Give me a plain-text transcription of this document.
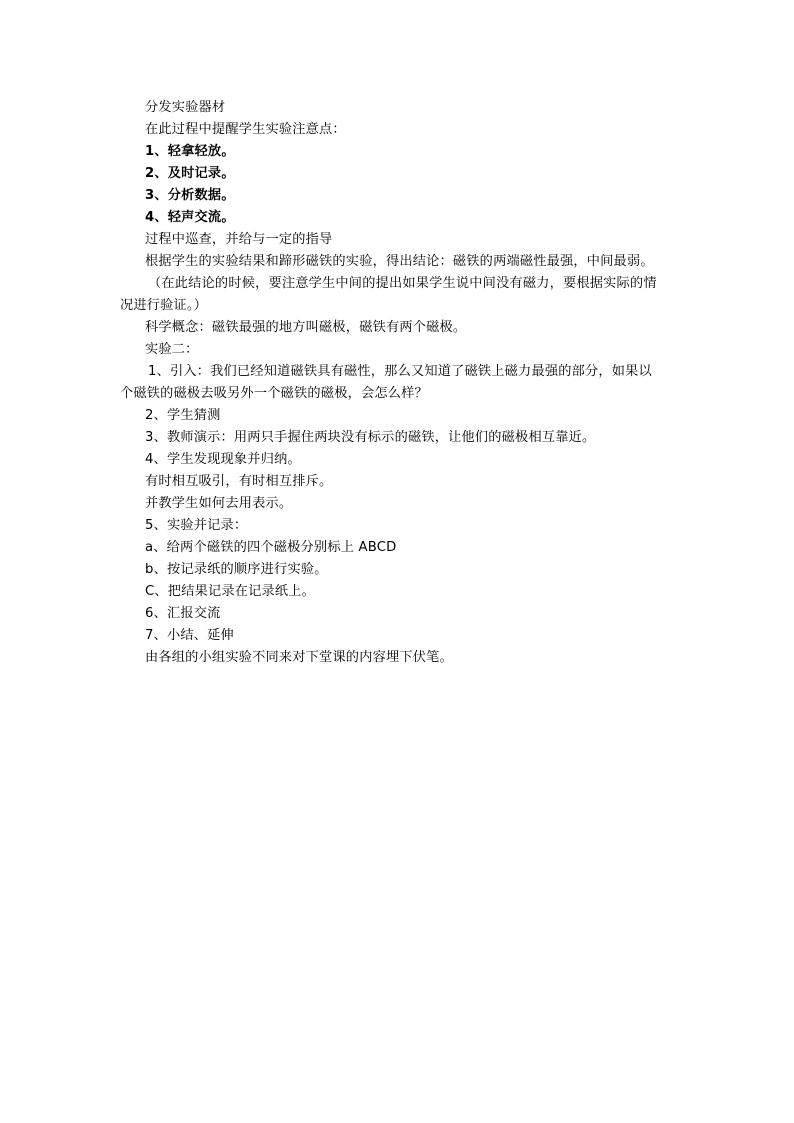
分发实验器材
在此过程中提醒学生实验注意点：
1、轻拿轻放。
2、及时记录。
3、分析数据。
4、轻声交流。
过程中巡查，并给与一定的指导
根据学生的实验结果和蹄形磁铁的实验，得出结论：磁铁的两端磁性最强，中间最弱。
（在此结论的时候，要注意学生中间的提出如果学生说中间没有磁力，要根据实际的情
况进行验证。）
科学概念：磁铁最强的地方叫磁极，磁铁有两个磁极。
实验二：
1、引入：我们已经知道磁铁具有磁性，那么又知道了磁铁上磁力最强的部分，如果以
个磁铁的磁极去吸另外一个磁铁的磁极，会怎么样？
2、学生猜测
3、教师演示：用两只手握住两块没有标示的磁铁，让他们的磁极相互靠近。
4、学生发现现象并归纳。
有时相互吸引，有时相互排斥。
并教学生如何去用表示。
5、实验并记录：
a、给两个磁铁的四个磁极分别标上 ABCD
b、按记录纸的顺序进行实验。
C、把结果记录在记录纸上。
6、汇报交流
7、小结、延伸
由各组的小组实验不同来对下堂课的内容埋下伏笔。
